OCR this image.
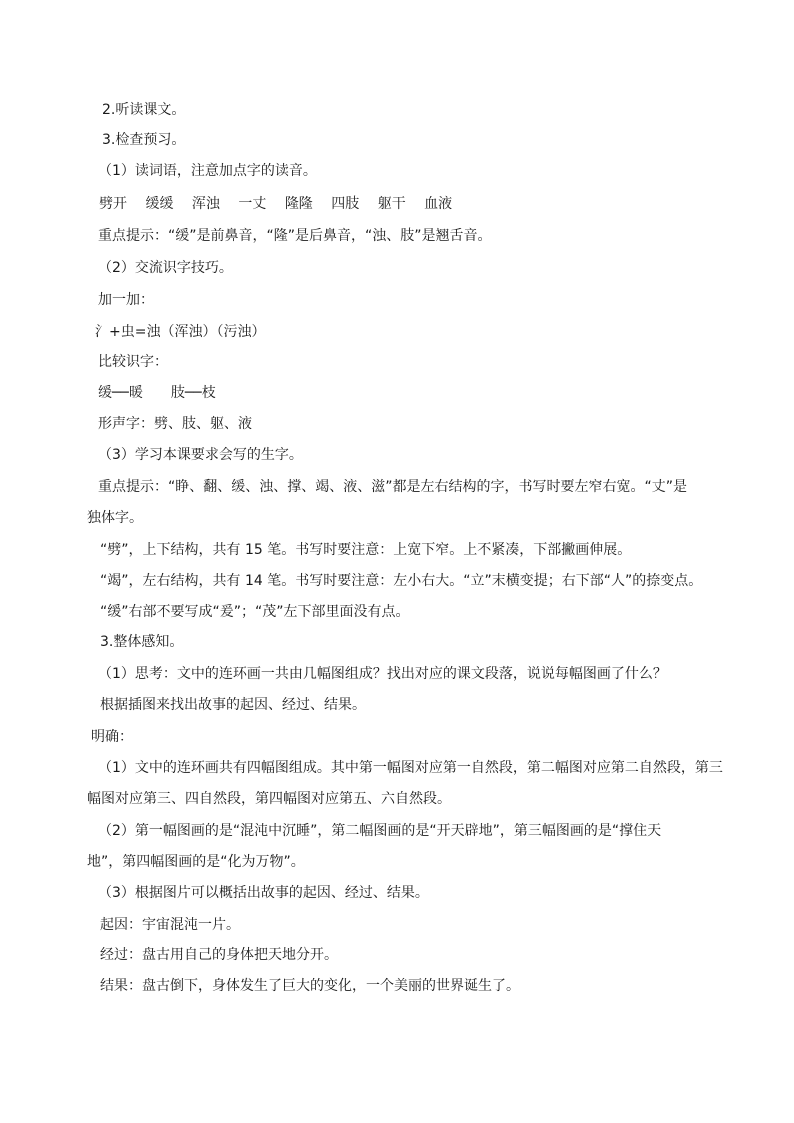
2.听读课文。
3.检查预习。
（1）读词语，注意加点字的读音。
劈开 缓缓 浑浊 一丈 隆隆 四肢 躯干 血液
重点提示：“缓”是前鼻音，“隆”是后鼻音，“浊、肢”是翘舌音。
（2）交流识字技巧。
加一加：
氵+虫=浊（浑浊）（污浊）
比较识字：
缓──暖　　肢──枝
形声字：劈、肢、躯、液
（3）学习本课要求会写的生字。
重点提示：“睁、翻、缓、浊、撑、竭、液、滋”都是左右结构的字，书写时要左窄右宽。“丈”是
独体字。
“劈”，上下结构，共有 15 笔。书写时要注意：上宽下窄。上不紧凑，下部撇画伸展。
“竭”，左右结构，共有 14 笔。书写时要注意：左小右大。“立”末横变提；右下部“人”的捺变点。
“缓”右部不要写成“爰”；“茂”左下部里面没有点。
3.整体感知。
（1）思考：文中的连环画一共由几幅图组成？找出对应的课文段落，说说每幅图画了什么？
根据插图来找出故事的起因、经过、结果。
明确：
（1）文中的连环画共有四幅图组成。其中第一幅图对应第一自然段，第二幅图对应第二自然段，第三
幅图对应第三、四自然段，第四幅图对应第五、六自然段。
（2）第一幅图画的是“混沌中沉睡”，第二幅图画的是“开天辟地”，第三幅图画的是“撑住天
地”，第四幅图画的是“化为万物”。
（3）根据图片可以概括出故事的起因、经过、结果。
起因：宇宙混沌一片。
经过：盘古用自己的身体把天地分开。
结果：盘古倒下，身体发生了巨大的变化，一个美丽的世界诞生了。
